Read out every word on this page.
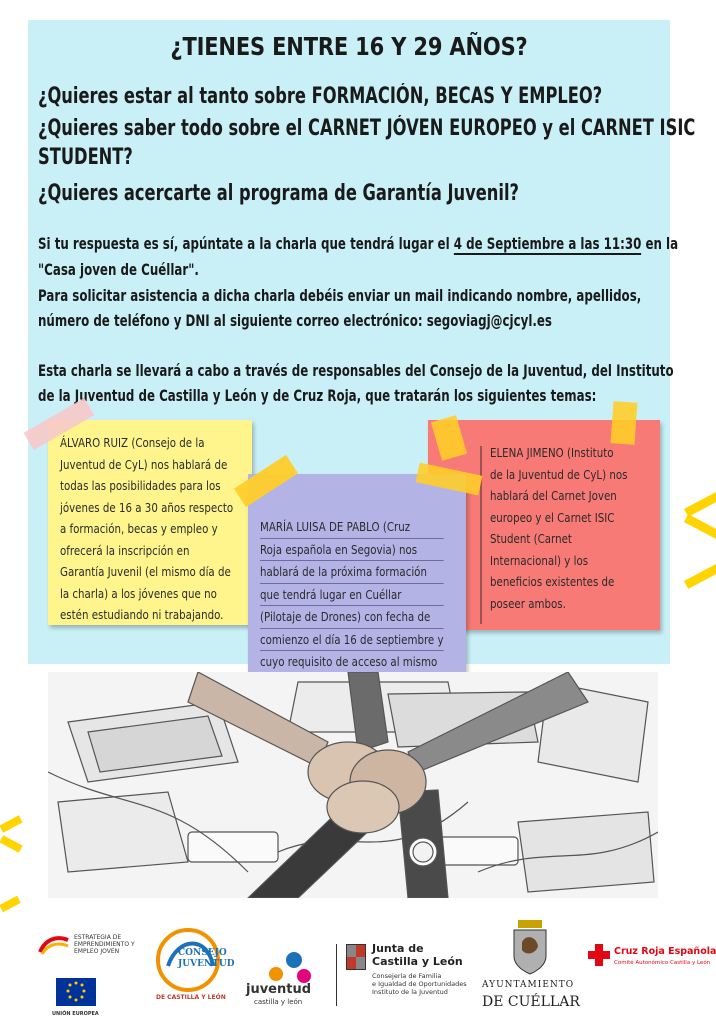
¿TIENES ENTRE 16 Y 29 AÑOS?
¿Quieres estar al tanto sobre FORMACIÓN, BECAS Y EMPLEO?
¿Quieres saber todo sobre el CARNET JÓVEN EUROPEO y el CARNET ISIC
STUDENT?
¿Quieres acercarte al programa de Garantía Juvenil?
Si tu respuesta es sí, apúntate a la charla que tendrá lugar el 4 de Septiembre a las 11:30 en la
"Casa joven de Cuéllar".
Para solicitar asistencia a dicha charla debéis enviar un mail indicando nombre, apellidos,
número de teléfono y DNI al siguiente correo electrónico: segoviagj@cjcyl.es
Esta charla se llevará a cabo a través de responsables del Consejo de la Juventud, del Instituto
de la Juventud de Castilla y León y de Cruz Roja, que tratarán los siguientes temas:
ÁLVARO RUIZ (Consejo de la
Juventud de CyL) nos hablará de
todas las posibilidades para los
jóvenes de 16 a 30 años respecto
a formación, becas y empleo y
ofrecerá la inscripción en
Garantía Juvenil (el mismo día de
la charla) a los jóvenes que no
estén estudiando ni trabajando.
ELENA JIMENO (Instituto
de la Juventud de CyL) nos
hablará del Carnet Joven
europeo y el Carnet ISIC
Student (Carnet
Internacional) y los
beneficios existentes de
poseer ambos.
MARÍA LUISA DE PABLO (Cruz
Roja española en Segovia) nos
hablará de la próxima formación
que tendrá lugar en Cuéllar
(Pilotaje de Drones) con fecha de
comienzo el día 16 de septiembre y
cuyo requisito de acceso al mismo
ESTRATEGIA DE
EMPRENDIMIENTO Y
EMPLEO JOVEN
UNIÓN EUROPEA
CONSEJO
JUVENTUD
DE CASTILLA Y LEÓN
juventud
castilla y león
Junta de
Castilla y León
Consejería de Familia
e Igualdad de Oportunidades
Instituto de la Juventud
AYUNTAMIENTO
DE CUÉLLAR
Cruz Roja Española
Comité Autonómico Castilla y León
